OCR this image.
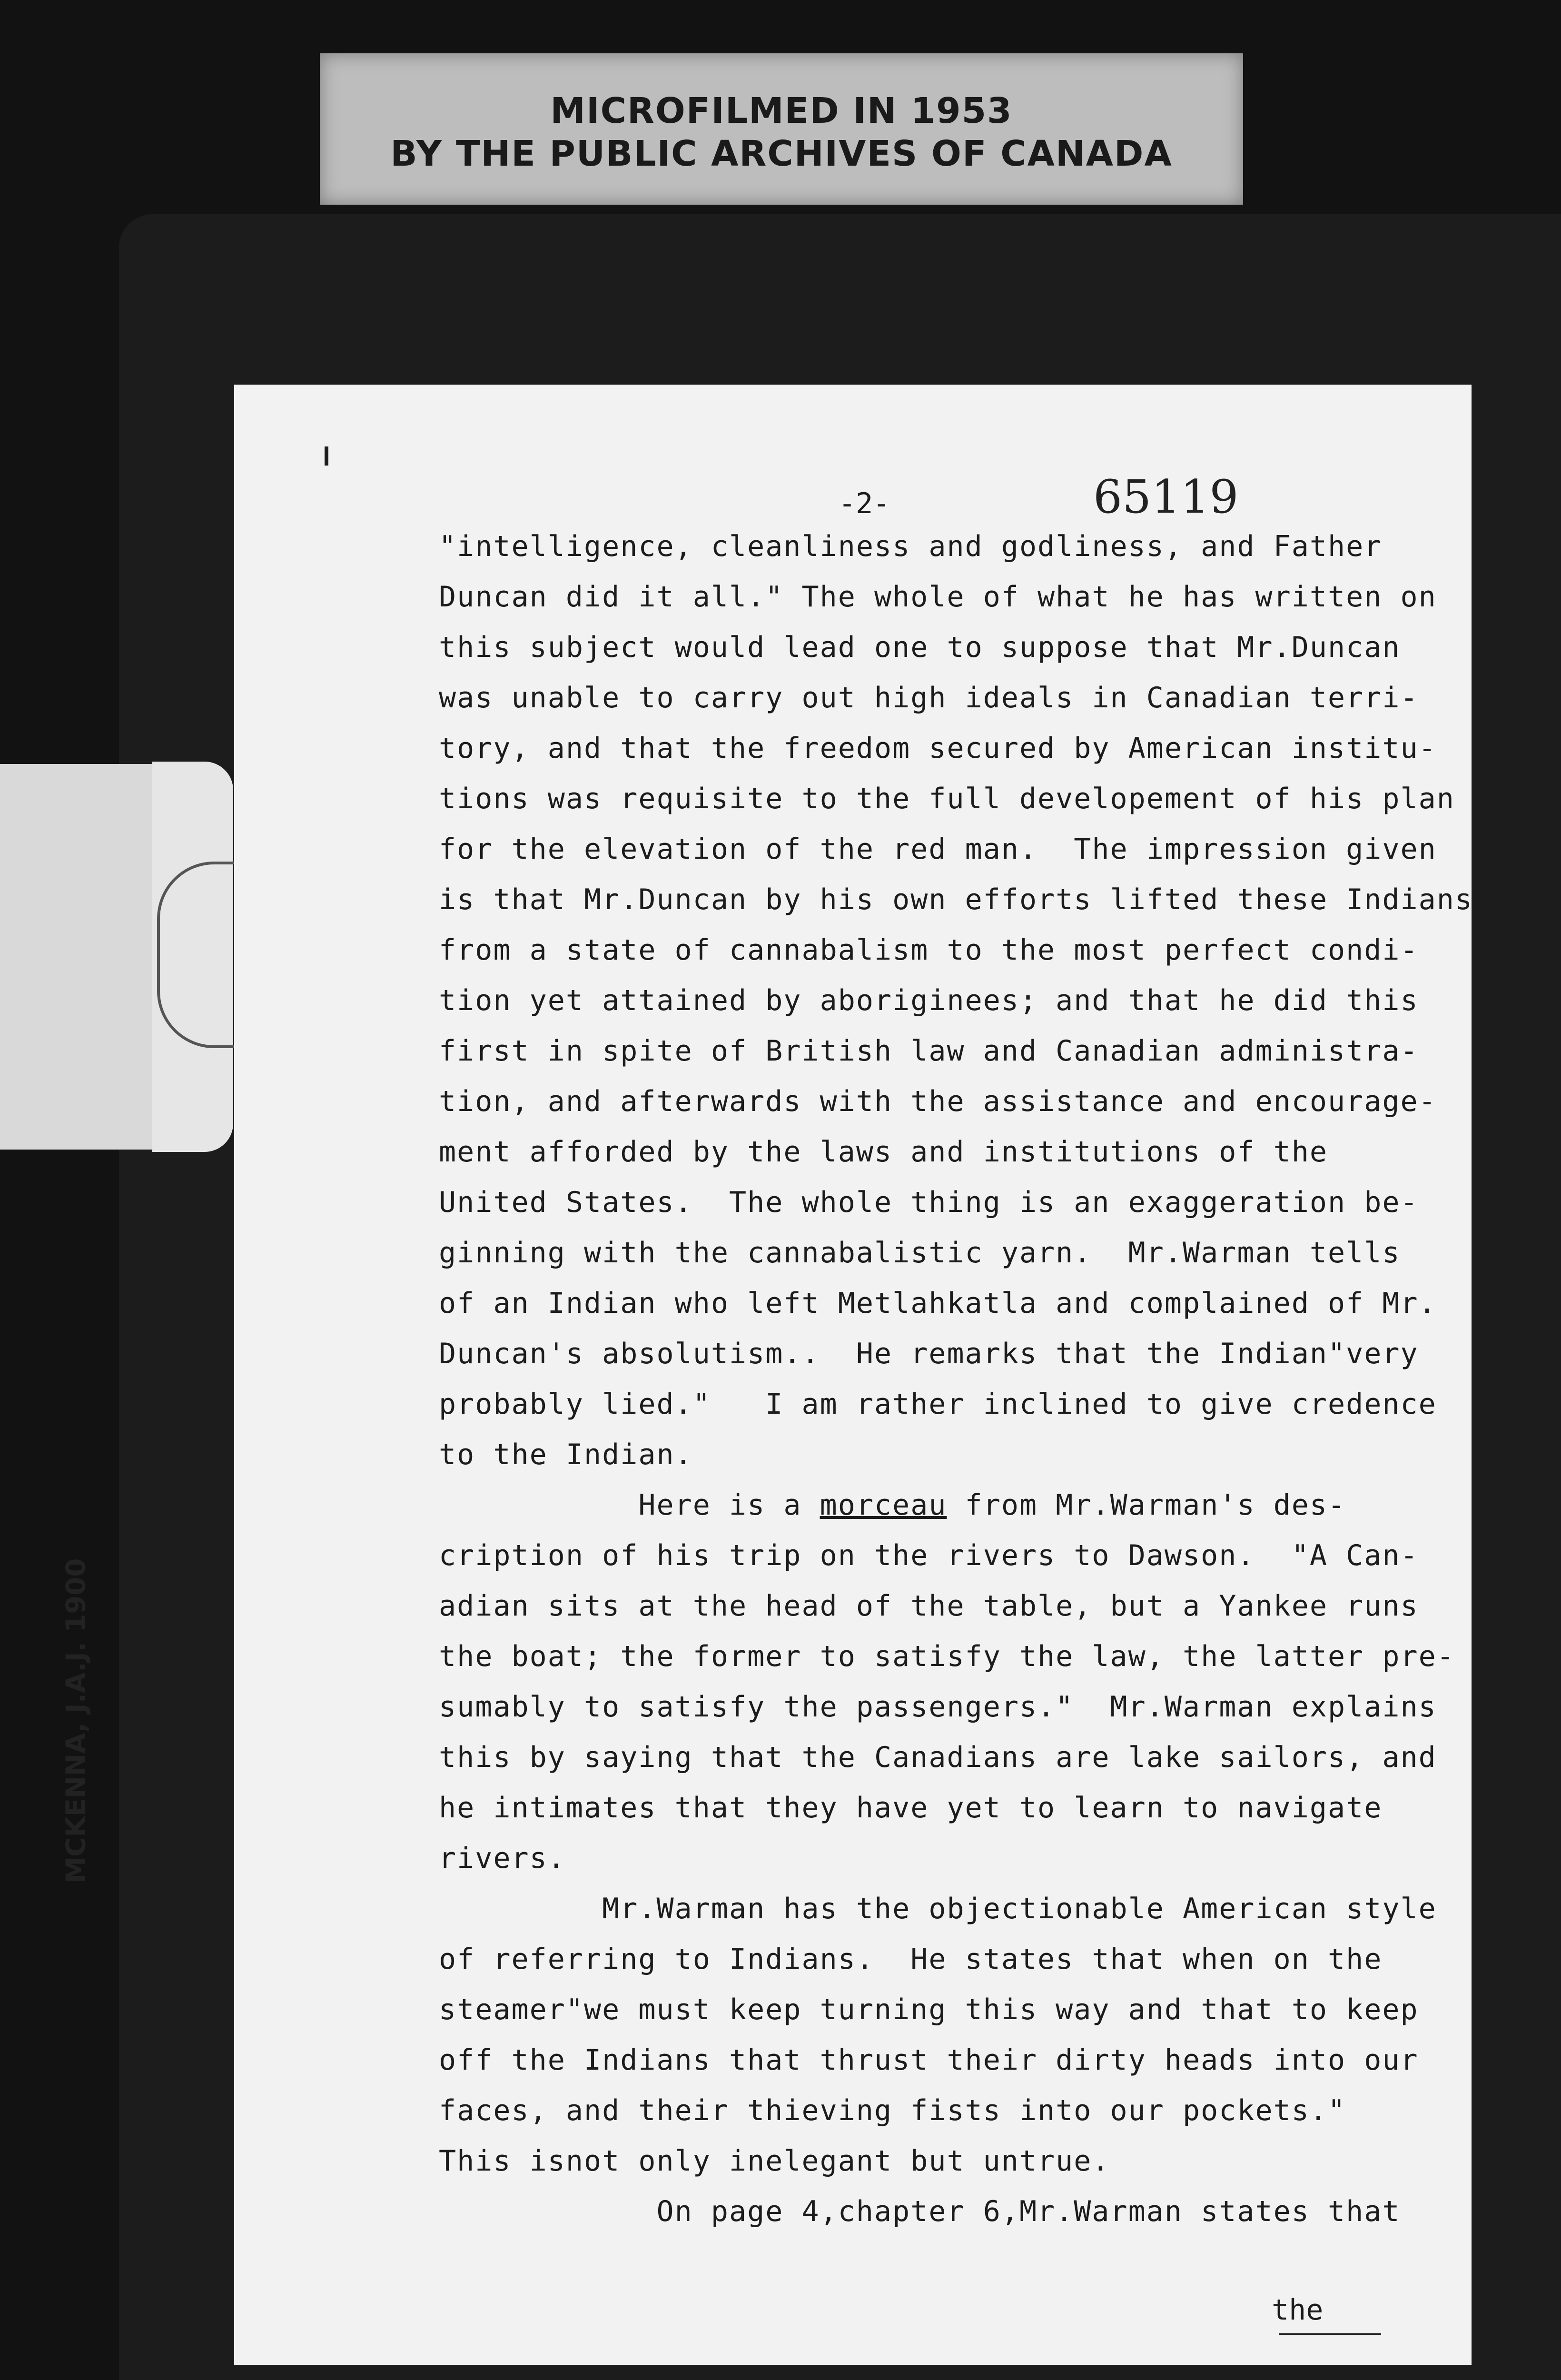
MICROFILMED IN 1953
BY THE PUBLIC ARCHIVES OF CANADA
MCKENNA, J.A.J. 1900
-2-	65119
"intelligence, cleanliness and godliness, and Father
Duncan did it all." The whole of what he has written on
this subject would lead one to suppose that Mr.Duncan
was unable to carry out high ideals in Canadian terri-
tory, and that the freedom secured by American institu-
tions was requisite to the full developement of his plan
for the elevation of the red man.  The impression given
is that Mr.Duncan by his own efforts lifted these Indians
from a state of cannabalism to the most perfect condi-
tion yet attained by aboriginees; and that he did this
first in spite of British law and Canadian administra-
tion, and afterwards with the assistance and encourage-
ment afforded by the laws and institutions of the
United States.  The whole thing is an exaggeration be-
ginning with the cannabalistic yarn.  Mr.Warman tells
of an Indian who left Metlahkatla and complained of Mr.
Duncan's absolutism..  He remarks that the Indian"very
probably lied."   I am rather inclined to give credence
to the Indian.
Here is a morceau from Mr.Warman's des-
cription of his trip on the rivers to Dawson.  "A Can-
adian sits at the head of the table, but a Yankee runs
the boat; the former to satisfy the law, the latter pre-
sumably to satisfy the passengers."  Mr.Warman explains
this by saying that the Canadians are lake sailors, and
he intimates that they have yet to learn to navigate
rivers.
Mr.Warman has the objectionable American style
of referring to Indians.  He states that when on the
steamer"we must keep turning this way and that to keep
off the Indians that thrust their dirty heads into our
faces, and their thieving fists into our pockets."
This isnot only inelegant but untrue.
On page 4,chapter 6,Mr.Warman states that
the
